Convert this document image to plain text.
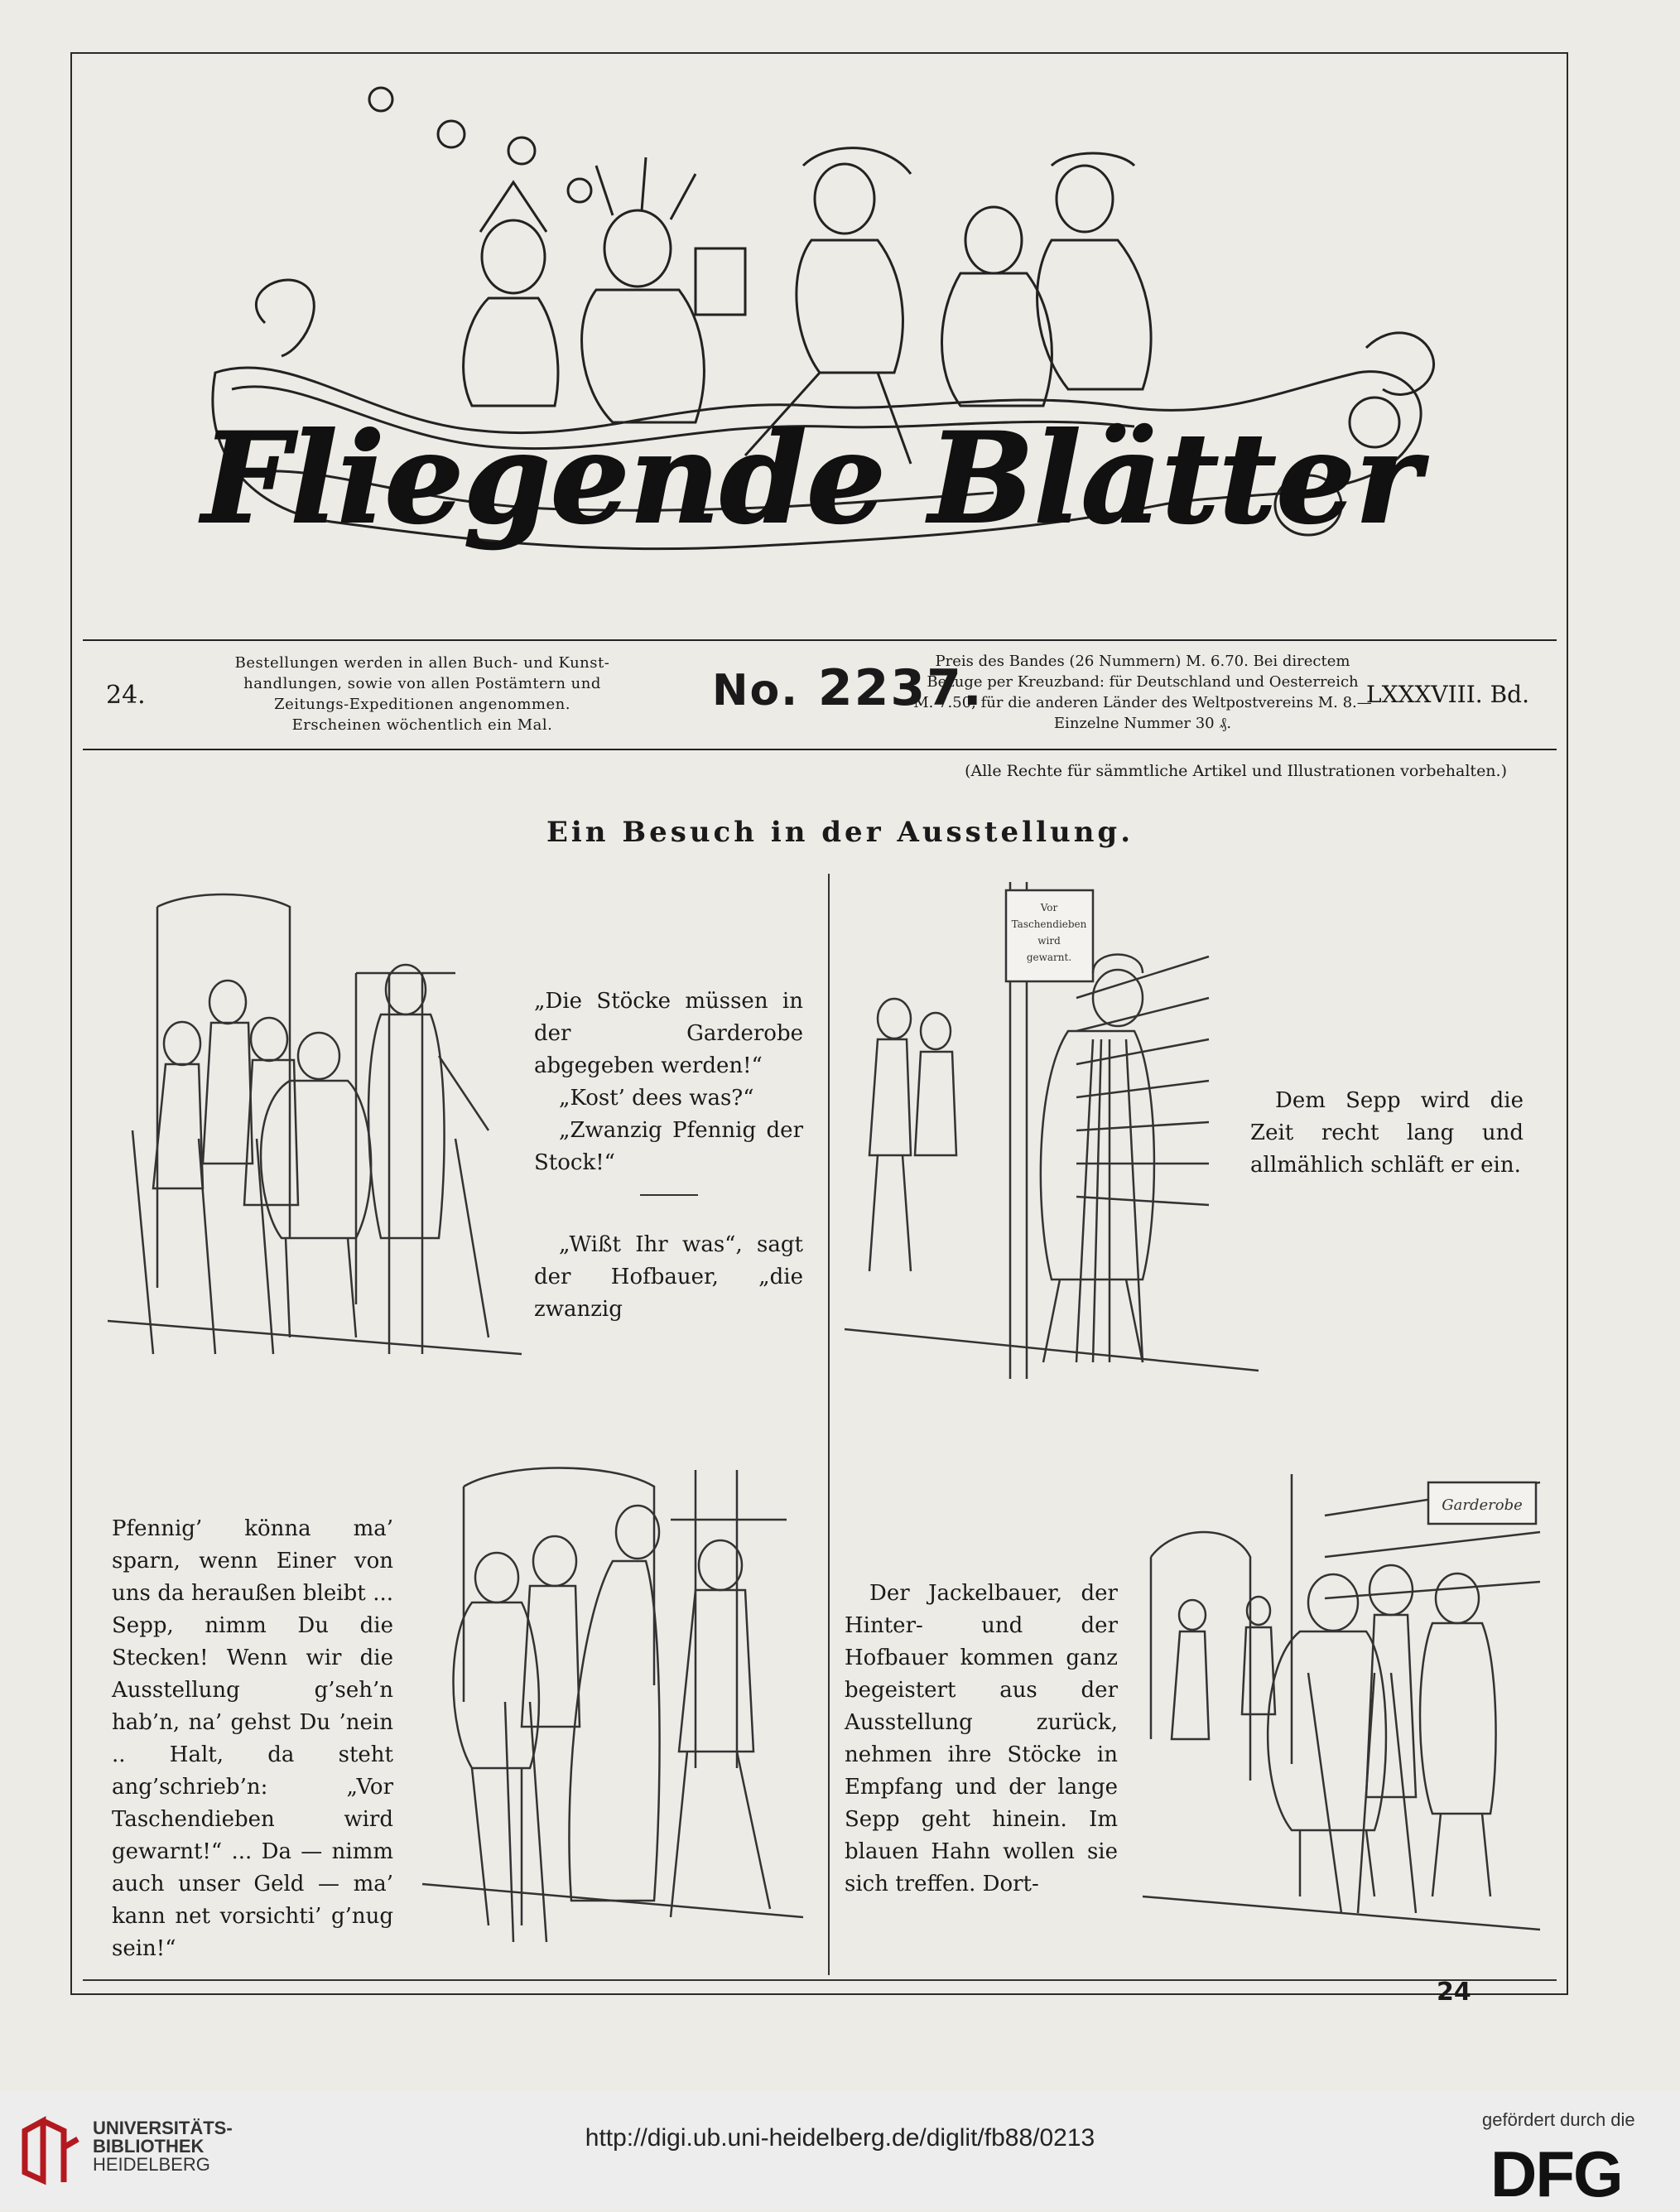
Fliegende Blätter
24.
Bestellungen werden in allen Buch- und Kunst-
handlungen, sowie von allen Postämtern und
Zeitungs-Expeditionen angenommen.
Erscheinen wöchentlich ein Mal.
No. 2237.
Preis des Bandes (26 Nummern) M. 6.70. Bei directem
Bezuge per Kreuzband: für Deutschland und Oesterreich
M. 7.50, für die anderen Länder des Weltpostvereins M. 8.—
Einzelne Nummer 30 ₰.
LXXXVIII. Bd.
(Alle Rechte für sämmtliche Artikel und Illustrationen vorbehalten.)
Ein Besuch in der Ausstellung.

„Die Stöcke müssen in der Garderobe abgegeben werden!“

„Kost’ dees was?“

„Zwanzig Pfennig der Stock!“

„Wißt Ihr was“, sagt der Hofbauer, „die zwanzig

Vor
Taschendieben
wird
gewarnt.
Dem Sepp wird die Zeit recht lang und allmählich schläft er ein.
Pfennig’ könna ma’ sparn, wenn Einer von uns da heraußen bleibt ... Sepp, nimm Du die Stecken! Wenn wir die Ausstellung g’seh’n hab’n, na’ gehst Du ’nein .. Halt, da steht ang’schrieb’n: „Vor Taschendieben wird gewarnt!“ ... Da — nimm auch unser Geld — ma’ kann net vorsichti’ g’nug sein!“
Der Jackelbauer, der Hinter- und der Hofbauer kommen ganz begeistert aus der Ausstellung zurück, nehmen ihre Stöcke in Empfang und der lange Sepp geht hinein. Im blauen Hahn wollen sie sich treffen. Dort-
Garderobe
24
UNIVERSITÄTS-
BIBLIOTHEK
HEIDELBERG
http://digi.ub.uni-heidelberg.de/diglit/fb88/0213
gefördert durch die
DFG
